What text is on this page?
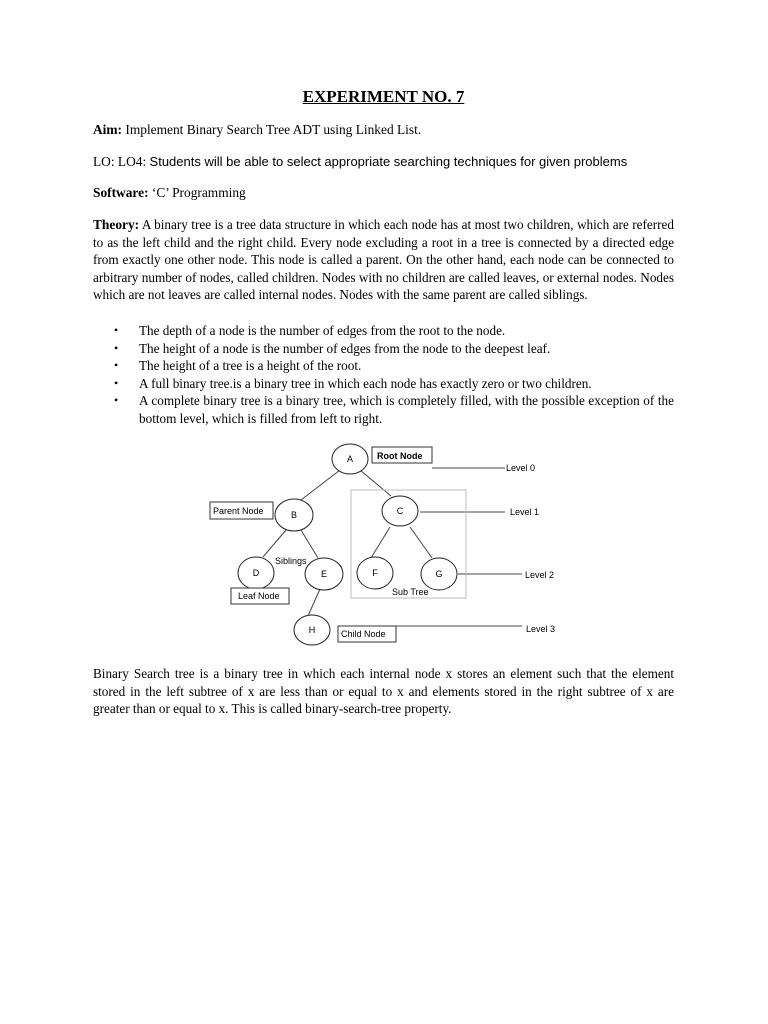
EXPERIMENT NO. 7
Aim: Implement Binary Search Tree ADT using Linked List.
LO: LO4: Students will be able to select appropriate searching techniques for given problems
Software: ‘C’ Programming
Theory: A binary tree is a tree data structure in which each node has at most two children, which are referred to as the left child and the right child. Every node excluding a root in a tree is connected by a directed edge from exactly one other node. This node is called a parent. On the other hand, each node can be connected to arbitrary number of nodes, called children. Nodes with no children are called leaves, or external nodes. Nodes which are not leaves are called internal nodes. Nodes with the same parent are called siblings.
• The depth of a node is the number of edges from the root to the node.
• The height of a node is the number of edges from the node to the deepest leaf.
• The height of a tree is a height of the root.
• A full binary tree.is a binary tree in which each node has exactly zero or two children.
• A complete binary tree is a binary tree, which is completely filled, with the possible exception of the bottom level, which is filled from left to right.
Binary Search tree is a binary tree in which each internal node x stores an element such that the element stored in the left subtree of x are less than or equal to x and elements stored in the right subtree of x are greater than or equal to x. This is called binary-search-tree property.
A
B	C
D	E	F	G
H
Root Node
Parent Node
Leaf Node
Child Node
Siblings
Sub Tree
Level 0
Level 1
Level 2
Level 3
